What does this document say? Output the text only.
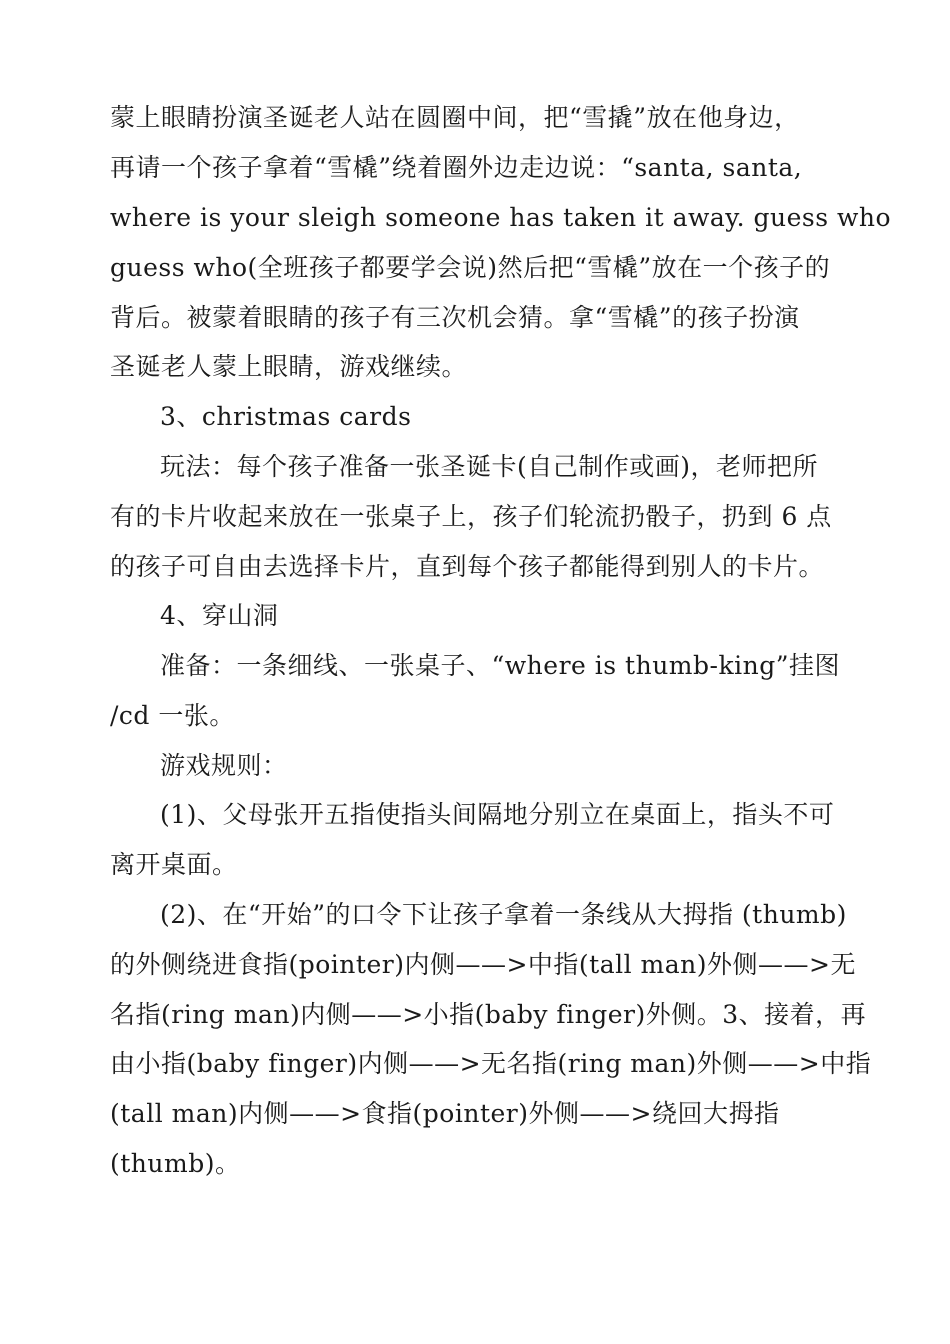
蒙上眼睛扮演圣诞老人站在圆圈中间，把“雪撬”放在他身边，
再请一个孩子拿着“雪橇”绕着圈外边走边说：“santa, santa,
where is your sleigh someone has taken it away. guess who
guess who(全班孩子都要学会说)然后把“雪橇”放在一个孩子的
背后。被蒙着眼睛的孩子有三次机会猜。拿“雪橇”的孩子扮演
圣诞老人蒙上眼睛，游戏继续。
3、christmas cards
玩法：每个孩子准备一张圣诞卡(自己制作或画)，老师把所
有的卡片收起来放在一张桌子上，孩子们轮流扔骰子，扔到 6 点
的孩子可自由去选择卡片，直到每个孩子都能得到别人的卡片。
4、穿山洞
准备：一条细线、一张桌子、“where is thumb-king”挂图
/cd 一张。
游戏规则：
(1)、父母张开五指使指头间隔地分别立在桌面上，指头不可
离开桌面。
(2)、在“开始”的口令下让孩子拿着一条线从大拇指 (thumb)
的外侧绕进食指(pointer)内侧——>中指(tall man)外侧——>无
名指(ring man)内侧——>小指(baby finger)外侧。3、接着，再
由小指(baby finger)内侧——>无名指(ring man)外侧——>中指
(tall man)内侧——>食指(pointer)外侧——>绕回大拇指
(thumb)。
